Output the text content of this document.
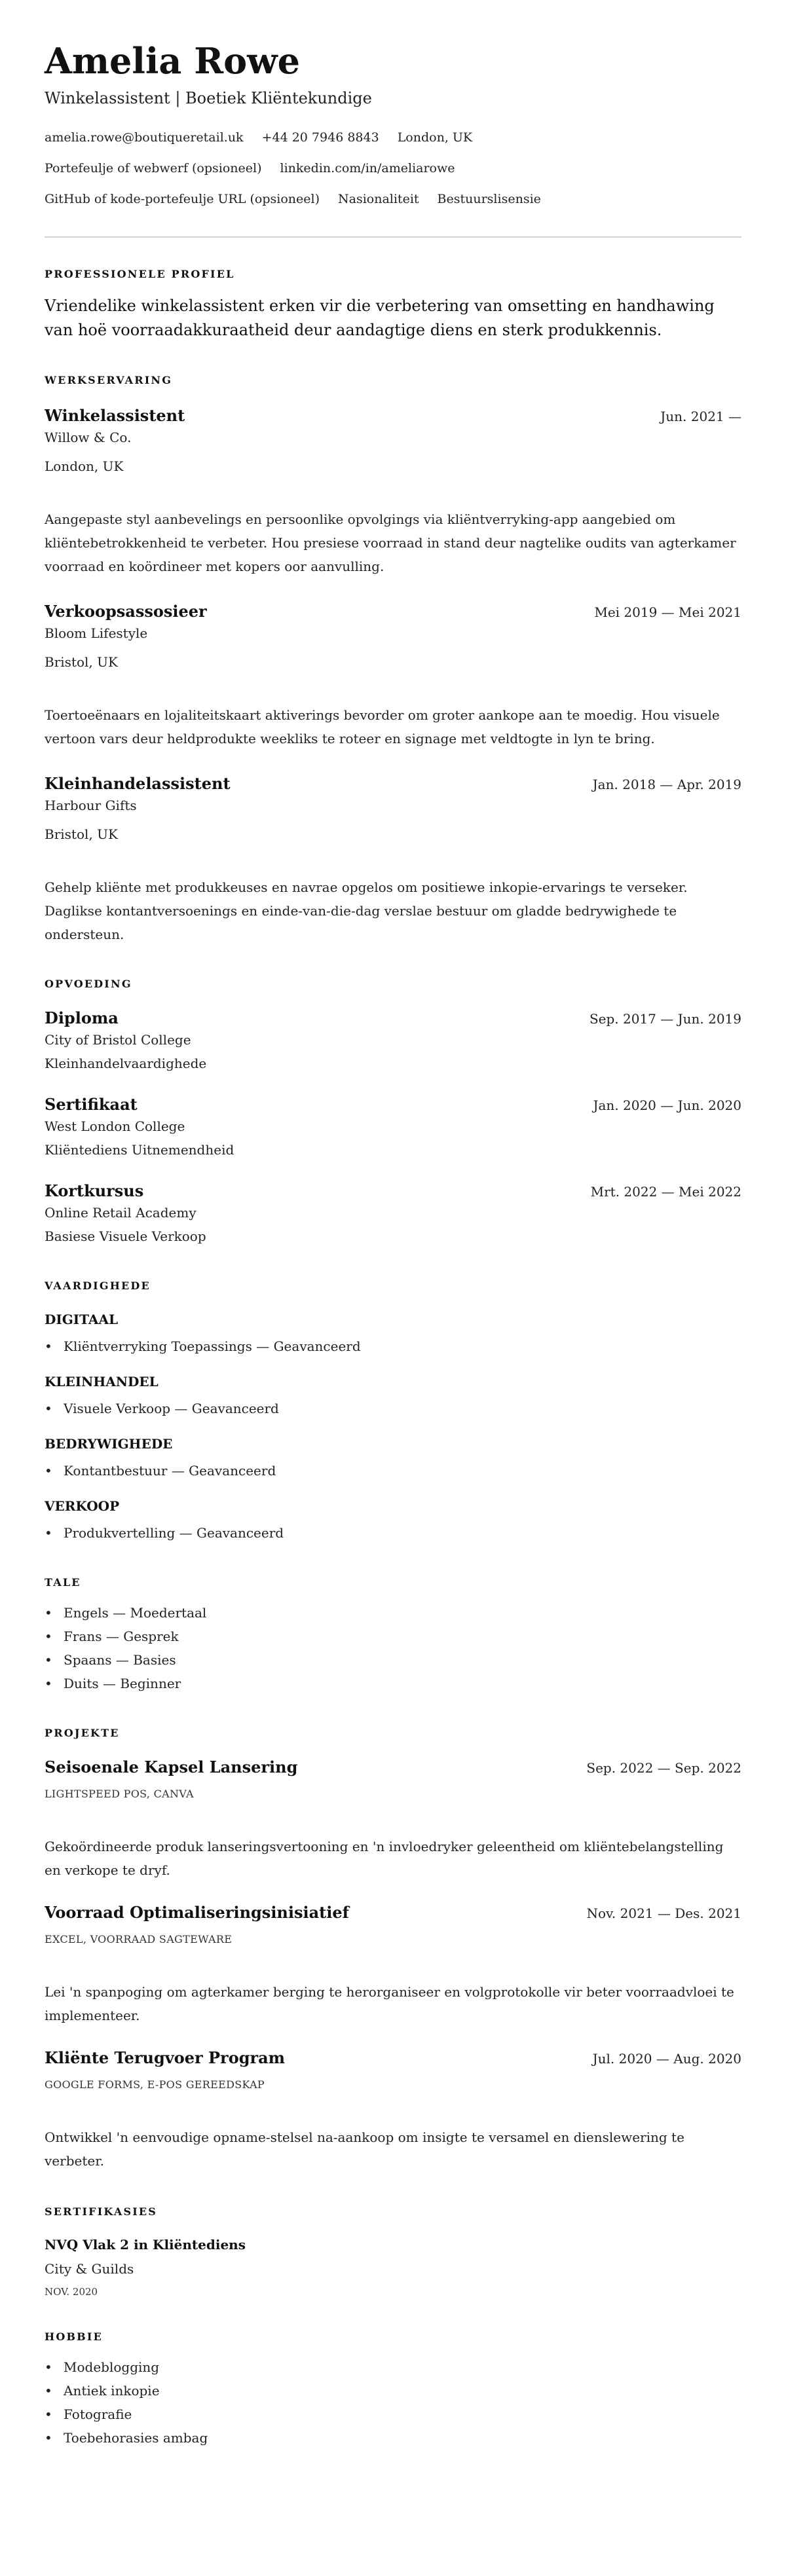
Amelia Rowe
Winkelassistent | Boetiek Kliëntekundige
amelia.rowe@boutiqueretail.uk +44 20 7946 8843 London, UK
Portefeulje of webwerf (opsioneel) linkedin.com/in/ameliarowe
GitHub of kode-portefeulje URL (opsioneel) Nasionaliteit Bestuurslisensie
PROFESSIONELE PROFIEL
Vriendelike winkelassistent erken vir die verbetering van omsetting en handhawing van hoë voorraadakkuraatheid deur aandagtige diens en sterk produkkennis.
WERKSERVARING
Winkelassistent	Jun. 2021 —
Willow & Co.
London, UK
Aangepaste styl aanbevelings en persoonlike opvolgings via kliëntverryking-app aangebied om kliëntebetrokkenheid te verbeter. Hou presiese voorraad in stand deur nagtelike oudits van agterkamer voorraad en koördineer met kopers oor aanvulling.
Verkoopsassosieer	Mei 2019 — Mei 2021
Bloom Lifestyle
Bristol, UK
Toertoeënaars en lojaliteitskaart aktiverings bevorder om groter aankope aan te moedig. Hou visuele vertoon vars deur heldprodukte weekliks te roteer en signage met veldtogte in lyn te bring.
Kleinhandelassistent	Jan. 2018 — Apr. 2019
Harbour Gifts
Bristol, UK
Gehelp kliënte met produkkeuses en navrae opgelos om positiewe inkopie-ervarings te verseker. Daglikse kontantversoenings en einde-van-die-dag verslae bestuur om gladde bedrywighede te ondersteun.
OPVOEDING
Diploma	Sep. 2017 — Jun. 2019
City of Bristol College
Kleinhandelvaardighede
Sertifikaat	Jan. 2020 — Jun. 2020
West London College
Kliëntediens Uitnemendheid
Kortkursus	Mrt. 2022 — Mei 2022
Online Retail Academy
Basiese Visuele Verkoop
VAARDIGHEDE
DIGITAAL
• Kliëntverryking Toepassings — Geavanceerd
KLEINHANDEL
• Visuele Verkoop — Geavanceerd
BEDRYWIGHEDE
• Kontantbestuur — Geavanceerd
VERKOOP
• Produkvertelling — Geavanceerd
TALE
• Engels — Moedertaal
• Frans — Gesprek
• Spaans — Basies
• Duits — Beginner
PROJEKTE
Seisoenale Kapsel Lansering	Sep. 2022 — Sep. 2022
LIGHTSPEED POS, CANVA
Gekoördineerde produk lanseringsvertooning en 'n invloedryker geleentheid om kliëntebelangstelling en verkope te dryf.
Voorraad Optimaliseringsinisiatief	Nov. 2021 — Des. 2021
EXCEL, VOORRAAD SAGTEWARE
Lei 'n spanpoging om agterkamer berging te herorganiseer en volgprotokolle vir beter voorraadvloei te implementeer.
Kliënte Terugvoer Program	Jul. 2020 — Aug. 2020
GOOGLE FORMS, E-POS GEREEDSKAP
Ontwikkel 'n eenvoudige opname-stelsel na-aankoop om insigte te versamel en dienslewering te verbeter.
SERTIFIKASIES
NVQ Vlak 2 in Kliëntediens
City & Guilds
NOV. 2020
HOBBIE
• Modeblogging
• Antiek inkopie
• Fotografie
• Toebehorasies ambag
